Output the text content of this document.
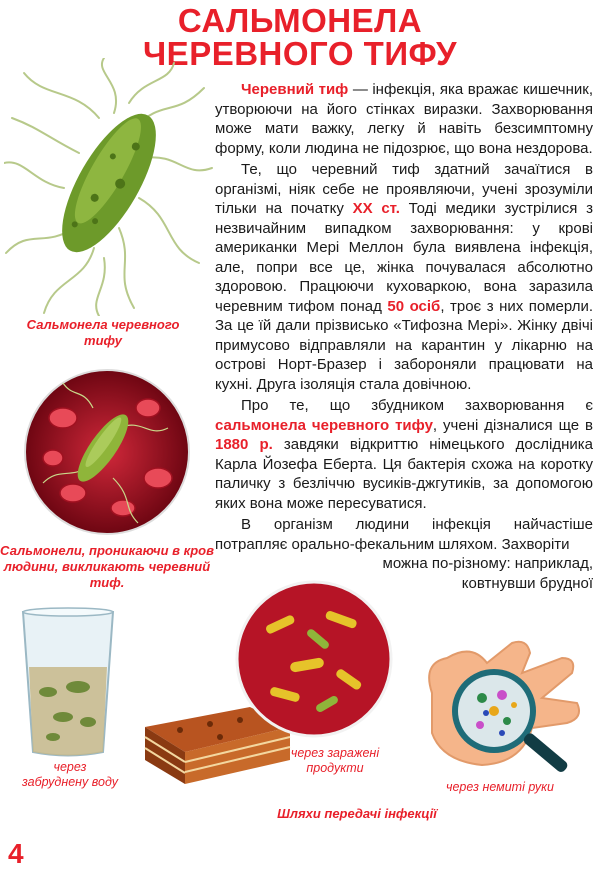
САЛЬМОНЕЛА
ЧЕРЕВНОГО ТИФУ
Сальмонела черевного тифу
Сальмонели, проникаючи в кров людини, викликають черевний тиф.

Черевний тиф — інфекція, яка вражає кишечник, утворюючи на його стінках виразки. Захворювання може мати важку, легку й навіть безсимптомну форму, коли людина не підозрює, що вона нездорова.

Те, що черевний тиф здатний зачаїтися в організмі, ніяк себе не проявляючи, учені зрозуміли тільки на початку XX ст. Тоді медики зустрілися з незвичайним випадком захворювання: у крові американки Мері Меллон була виявлена інфекція, але, попри все це, жінка почувалася абсолютно здоровою. Працюючи куховаркою, вона заразила черевним тифом понад 50 осіб, троє з них померли. За це їй дали прізвисько «Тифозна Мері». Жінку двічі примусово відправляли на карантин у лікарню на острові Норт-Бразер і забороняли працювати на кухні. Друга ізоляція стала довічною.

Про те, що збудником захворювання є сальмонела черевного тифу, учені дізналися ще в 1880 р. завдяки відкриттю німецького дослідника Карла Йозефа Еберта. Ця бактерія схожа на коротку паличку з безліччю вусиків-джгутиків, за допомогою яких вона може пересуватися.

В організм людини інфекція найчастіше потрапляє орально-фекальним шляхом. Захворіти

можна по-різному: наприклад,

ковтнувши брудної

через забруднену воду
через заражені продукти
через немиті руки
Шляхи передачі інфекції
4
